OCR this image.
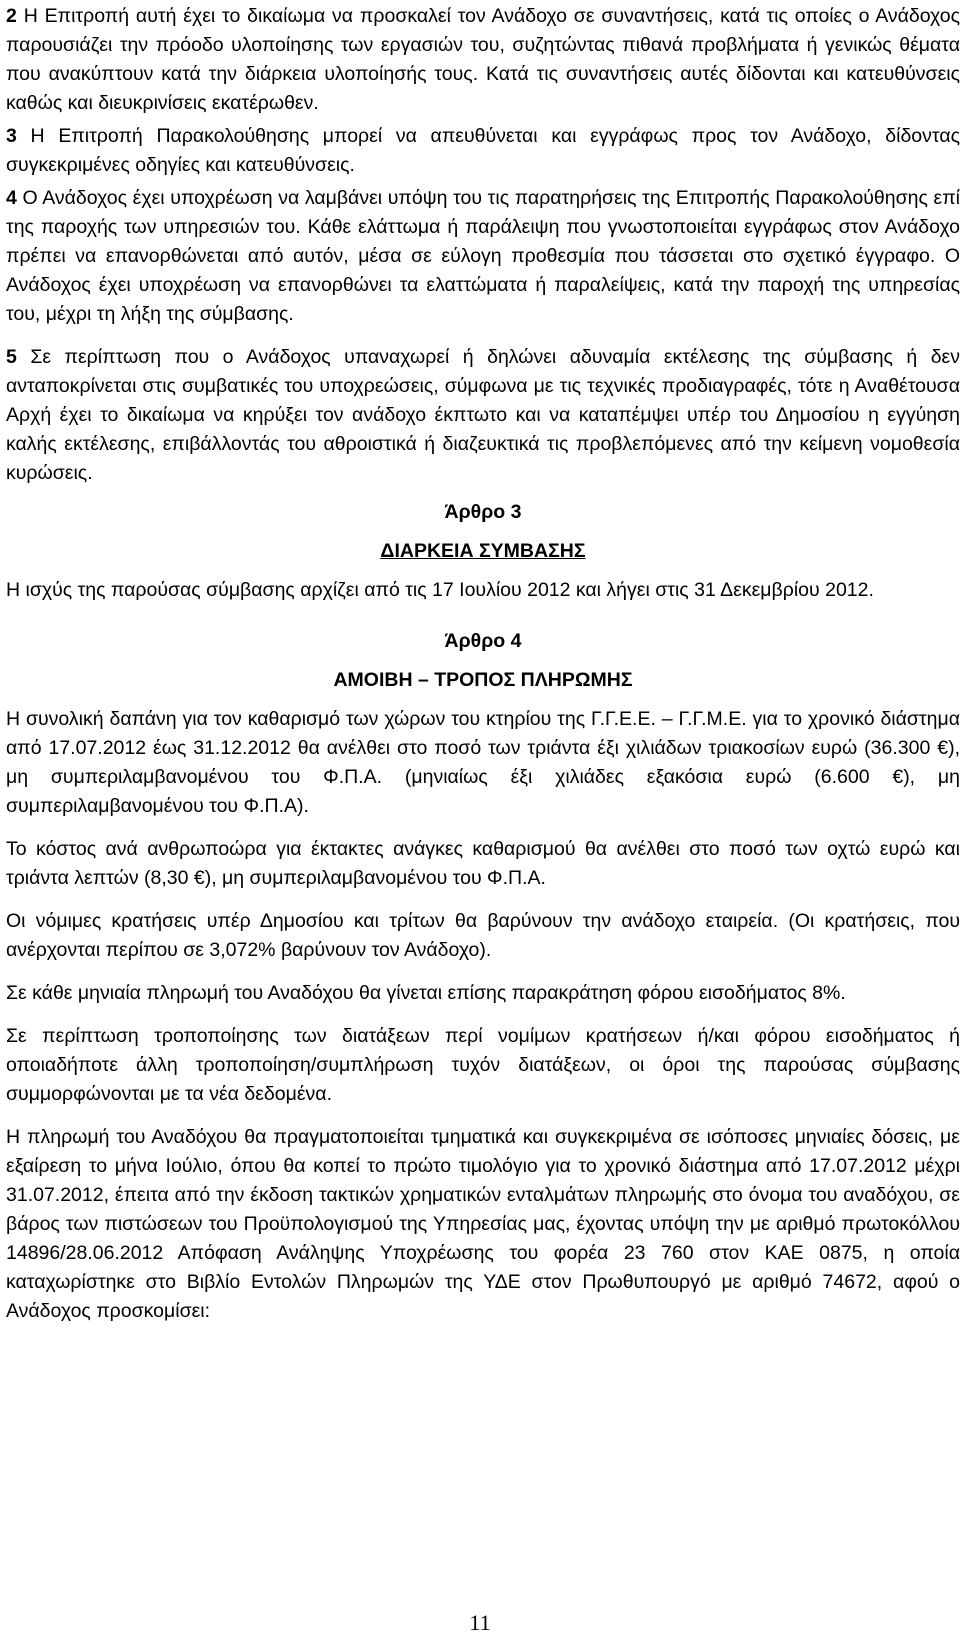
2 Η Επιτροπή αυτή έχει το δικαίωμα να προσκαλεί τον Ανάδοχο σε συναντήσεις, κατά τις οποίες ο Ανάδοχος παρουσιάζει την πρόοδο υλοποίησης των εργασιών του, συζητώντας πιθανά προβλήματα ή γενικώς θέματα που ανακύπτουν κατά την διάρκεια υλοποίησής τους. Κατά τις συναντήσεις αυτές δίδονται και κατευθύνσεις καθώς και διευκρινίσεις εκατέρωθεν.

3 Η Επιτροπή Παρακολούθησης μπορεί να απευθύνεται και εγγράφως προς τον Ανάδοχο, δίδοντας συγκεκριμένες οδηγίες και κατευθύνσεις.

4 Ο Ανάδοχος έχει υποχρέωση να λαμβάνει υπόψη του τις παρατηρήσεις της Επιτροπής Παρακολούθησης επί της παροχής των υπηρεσιών του. Κάθε ελάττωμα ή παράλειψη που γνωστοποιείται εγγράφως στον Ανάδοχο πρέπει να επανορθώνεται από αυτόν, μέσα σε εύλογη προθεσμία που τάσσεται στο σχετικό έγγραφο. Ο Ανάδοχος έχει υποχρέωση να επανορθώνει τα ελαττώματα ή παραλείψεις, κατά την παροχή της υπηρεσίας του, μέχρι τη λήξη της σύμβασης.

5 Σε περίπτωση που ο Ανάδοχος υπαναχωρεί ή δηλώνει αδυναμία εκτέλεσης της σύμβασης ή δεν ανταποκρίνεται στις συμβατικές του υποχρεώσεις, σύμφωνα με τις τεχνικές προδιαγραφές, τότε η Αναθέτουσα Αρχή έχει το δικαίωμα να κηρύξει τον ανάδοχο έκπτωτο και να καταπέμψει υπέρ του Δημοσίου η εγγύηση καλής εκτέλεσης, επιβάλλοντάς του αθροιστικά ή διαζευκτικά τις προβλεπόμενες από την κείμενη νομοθεσία κυρώσεις.

Άρθρο 3

ΔΙΑΡΚΕΙΑ ΣΥΜΒΑΣΗΣ

Η ισχύς της παρούσας σύμβασης αρχίζει από τις 17 Ιουλίου 2012 και λήγει στις 31 Δεκεμβρίου 2012.

Άρθρο 4

ΑΜΟΙΒΗ – ΤΡΟΠΟΣ ΠΛΗΡΩΜΗΣ

Η συνολική δαπάνη για τον καθαρισμό των χώρων του κτηρίου της Γ.Γ.Ε.Ε. – Γ.Γ.Μ.Ε. για το χρονικό διάστημα από 17.07.2012 έως 31.12.2012 θα ανέλθει στο ποσό των τριάντα έξι χιλιάδων τριακοσίων ευρώ (36.300 €), μη συμπεριλαμβανομένου του Φ.Π.Α. (μηνιαίως έξι χιλιάδες εξακόσια ευρώ (6.600 €), μη συμπεριλαμβανομένου του Φ.Π.Α).

Το κόστος ανά ανθρωποώρα για έκτακτες ανάγκες καθαρισμού θα ανέλθει στο ποσό των οχτώ ευρώ και τριάντα λεπτών (8,30 €), μη συμπεριλαμβανομένου του Φ.Π.Α.

Οι νόμιμες κρατήσεις υπέρ Δημοσίου και τρίτων θα βαρύνουν την ανάδοχο εταιρεία. (Οι κρατήσεις, που ανέρχονται περίπου σε 3,072% βαρύνουν τον Ανάδοχο).

Σε κάθε μηνιαία πληρωμή του Αναδόχου θα γίνεται επίσης παρακράτηση φόρου εισοδήματος 8%.

Σε περίπτωση τροποποίησης των διατάξεων περί νομίμων κρατήσεων ή/και φόρου εισοδήματος ή οποιαδήποτε άλλη τροποποίηση/συμπλήρωση τυχόν διατάξεων, οι όροι της παρούσας σύμβασης συμμορφώνονται με τα νέα δεδομένα.

Η πληρωμή του Αναδόχου θα πραγματοποιείται τμηματικά και συγκεκριμένα σε ισόποσες μηνιαίες δόσεις, με εξαίρεση το μήνα Ιούλιο, όπου θα κοπεί το πρώτο τιμολόγιο για το χρονικό διάστημα από 17.07.2012 μέχρι 31.07.2012, έπειτα από την έκδοση τακτικών χρηματικών ενταλμάτων πληρωμής στο όνομα του αναδόχου, σε βάρος των πιστώσεων του Προϋπολογισμού της Υπηρεσίας μας, έχοντας υπόψη την με αριθμό πρωτοκόλλου 14896/28.06.2012 Απόφαση Ανάληψης Υποχρέωσης του φορέα 23 760 στον ΚΑΕ 0875, η οποία καταχωρίστηκε στο Βιβλίο Εντολών Πληρωμών της ΥΔΕ στον Πρωθυπουργό με αριθμό 74672, αφού ο Ανάδοχος προσκομίσει:

11
